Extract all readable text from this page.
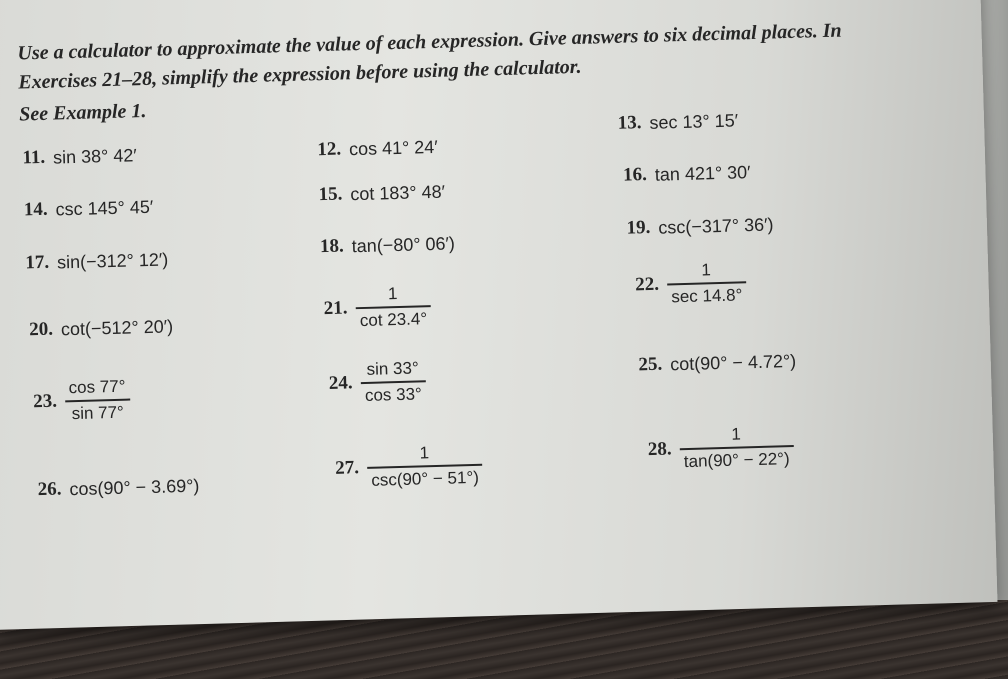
Use a calculator to approximate the value of each expression. Give answers to six decimal places. In Exercises 21–28, simplify the expression before using the calculator.
See Example 1.
11. sin 38° 42′	12. cos 41° 24′
13. sec 13° 15′
14. csc 145° 45′
15. cot 183° 48′
16. tan 421° 30′
17. sin(−312° 12′)
18. tan(−80° 06′)
19. csc(−317° 36′)
20. cot(−512° 20′)
21. $\frac{1}{\cot 23.4^\circ}$	22. $\frac{1}{\sec 14.8^\circ}$
23. $\frac{\cos 77^\circ}{\sin 77^\circ}$	24. $\frac{\sin 33^\circ}{\cos 33^\circ}$	25. cot(90° − 4.72°)
26. cos(90° − 3.69°)
27.
1
csc(90° − 51°)
28.
1
tan(90° − 22°)
